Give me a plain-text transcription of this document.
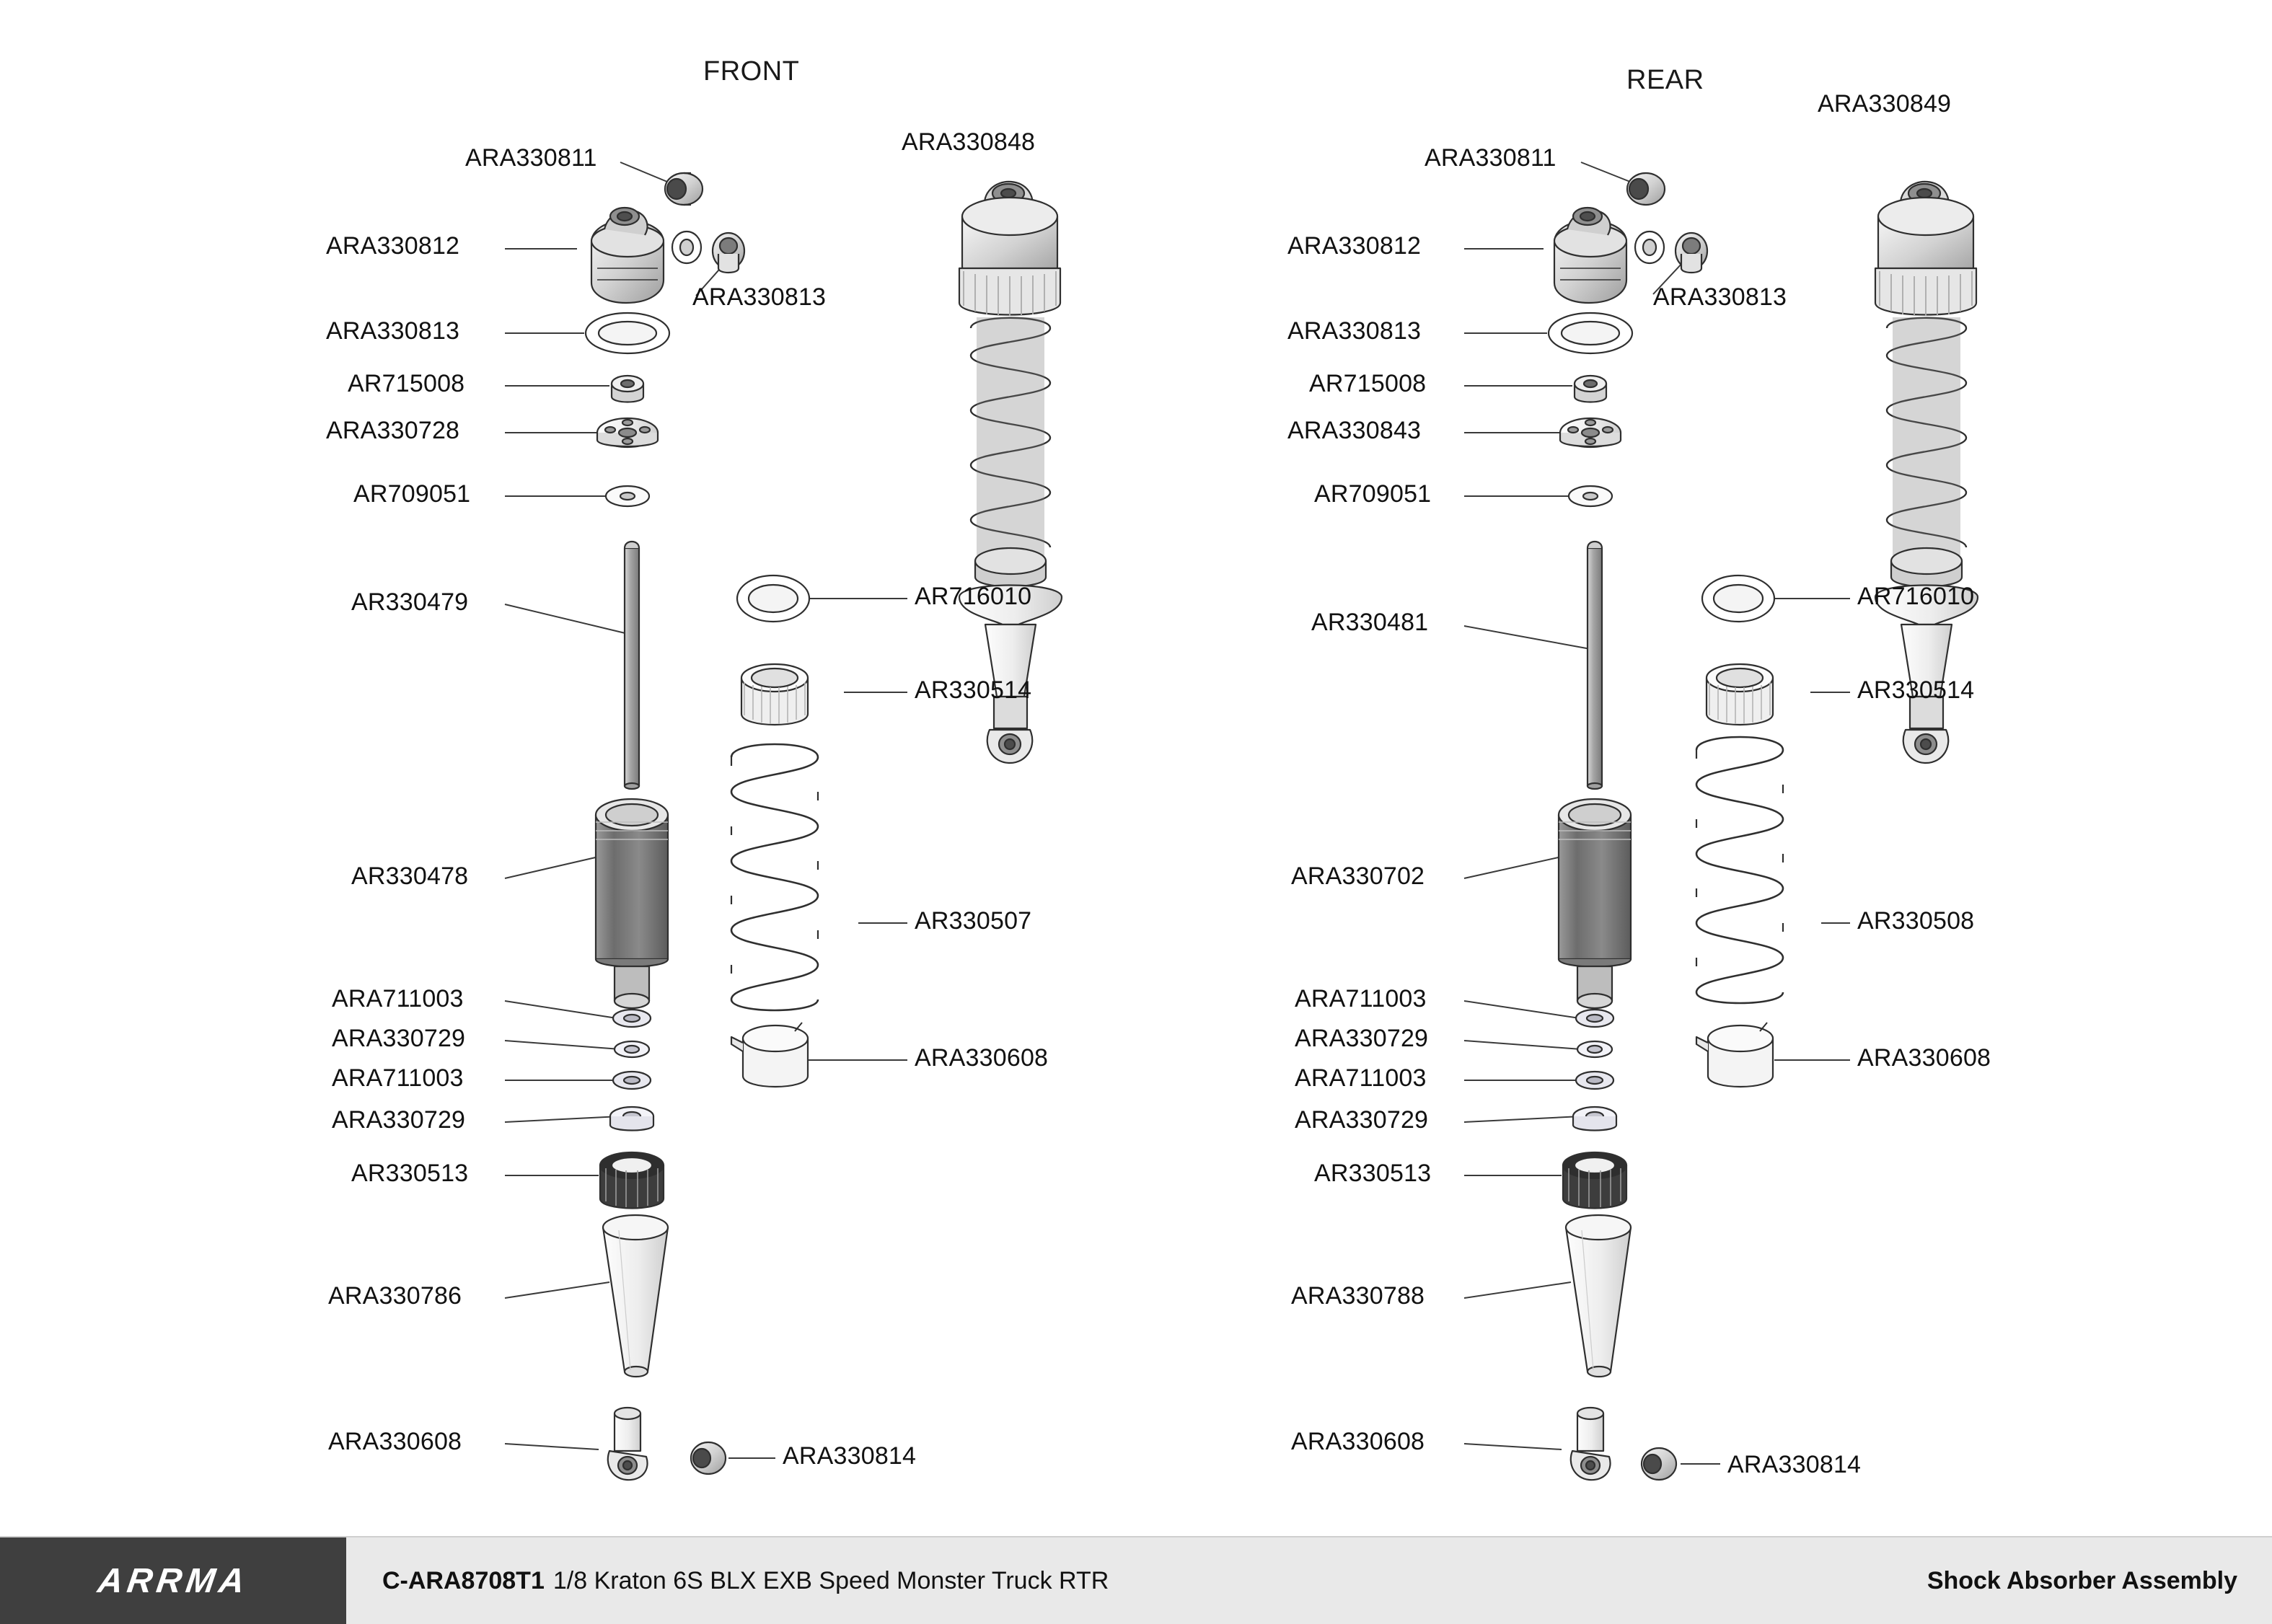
FRONT	REAR
ARA330811
ARA330812
ARA330813
ARA330813
AR715008
ARA330728
AR709051
AR330479
AR330478
ARA711003
ARA330729
ARA711003
ARA330729
AR330513
ARA330786
ARA330608
ARA330814
ARA330848
AR716010
AR330514
AR330507
ARA330608
ARA330811
ARA330812
ARA330813
ARA330813
AR715008
ARA330843
AR709051
AR330481
ARA330702
ARA711003
ARA330729
ARA711003
ARA330729
AR330513
ARA330788
ARA330608
ARA330814
ARA330849
AR716010
AR330514
AR330508
ARA330608
ARRMA	C-ARA8708T1 1/8 Kraton 6S BLX EXB Speed Monster Truck RTR	Shock Absorber Assembly
